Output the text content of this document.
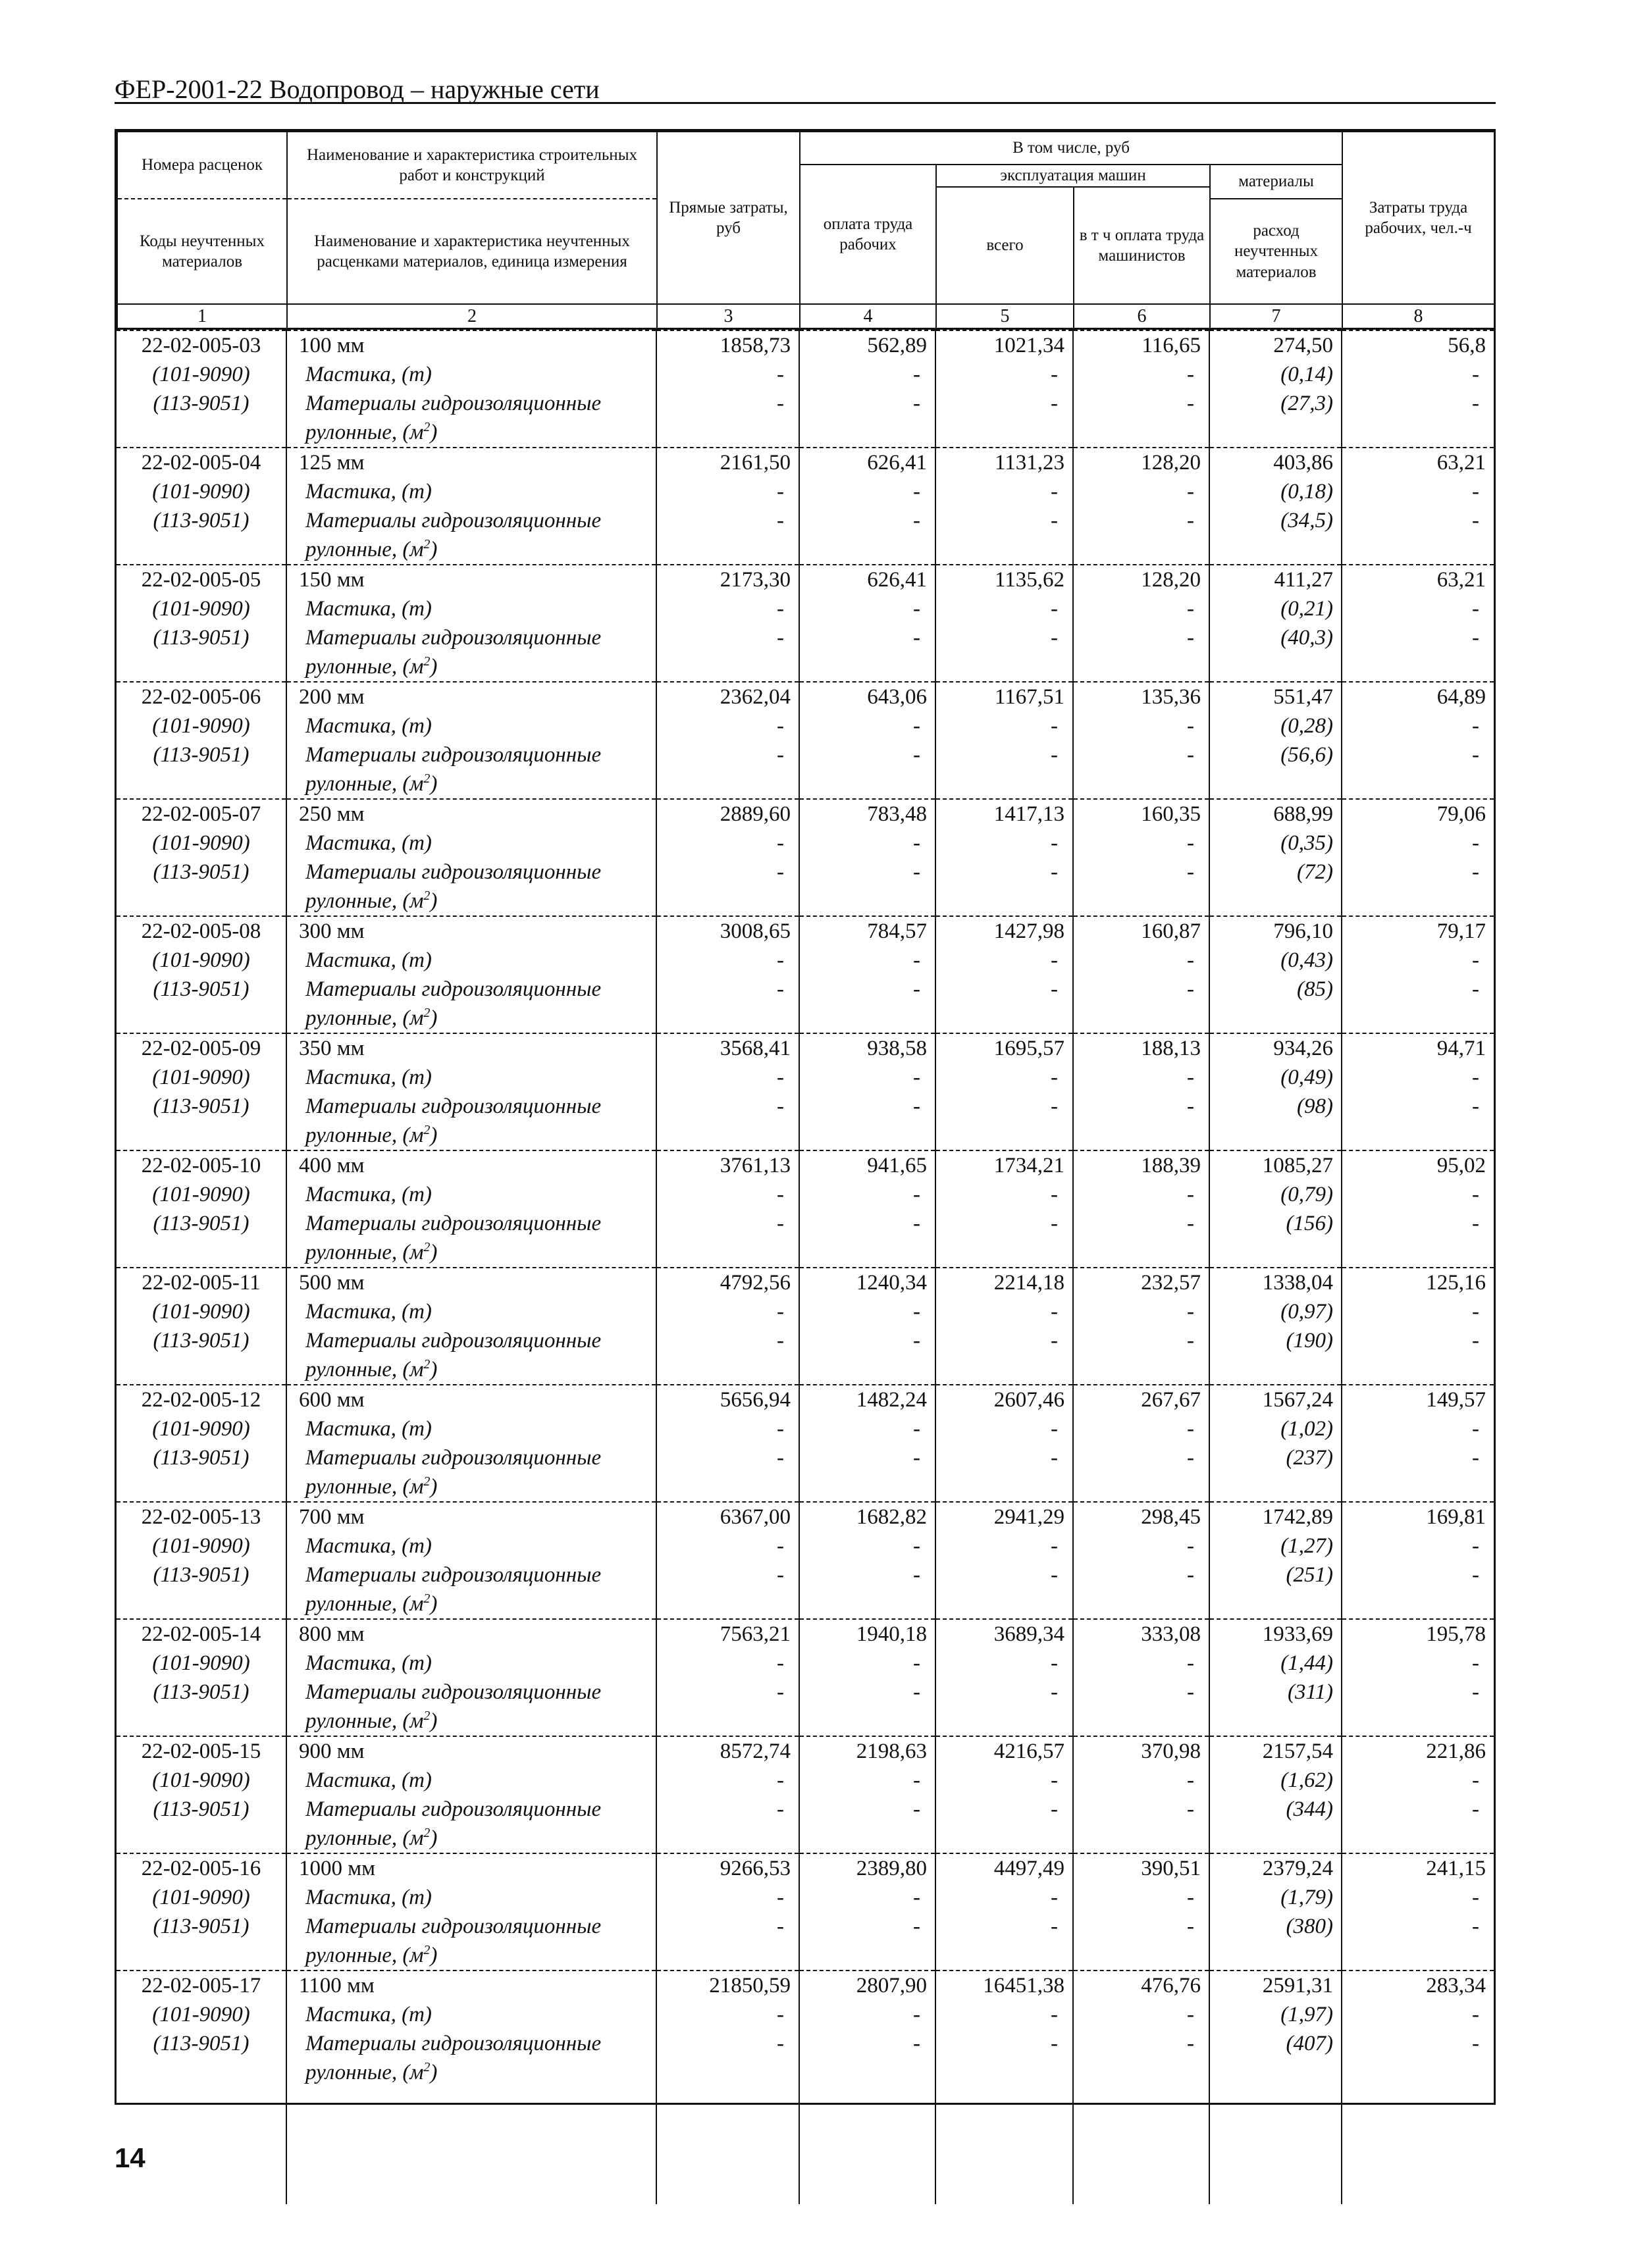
ФЕР-2001-22 Водопровод – наружные сети
Номера расценок	Наименование и характеристика строительных работ и конструкций	Прямые затраты, руб	В том числе, руб				Затраты труда рабочих, чел.-ч
			оплата труда рабочих	эксплуатация машин		материалы	
				всего	в т ч оплата труда машинистов		
Коды неучтенных материалов	Наименование и характеристика неучтенных расценками материалов, единица измерения					расход неучтенных материалов	

1	2	3	4	5	6	7	8
22-02-005-03	100 мм	1858,73	562,89	1021,34	116,65	274,50	56,8
(101-9090)	Мастика, (т)	-	-	-	-	(0,14)	-
(113-9051)	Материалы гидроизоляционные	-	-	-	-	(27,3)	-
	рулонные, $(м^2)$						
22-02-005-04	125 мм	2161,50	626,41	1131,23	128,20	403,86	63,21
(101-9090)	Мастика, (т)	-	-	-	-	(0,18)	-
(113-9051)	Материалы гидроизоляционные	-	-	-	-	(34,5)	-
	рулонные, $(м^2)$						
22-02-005-05	150 мм	2173,30	626,41	1135,62	128,20	411,27	63,21
(101-9090)	Мастика, (т)	-	-	-	-	(0,21)	-
(113-9051)	Материалы гидроизоляционные	-	-	-	-	(40,3)	-
	рулонные, $(м^2)$						
22-02-005-06	200 мм	2362,04	643,06	1167,51	135,36	551,47	64,89
(101-9090)	Мастика, (т)	-	-	-	-	(0,28)	-
(113-9051)	Материалы гидроизоляционные	-	-	-	-	(56,6)	-
	рулонные, $(м^2)$						
22-02-005-07	250 мм	2889,60	783,48	1417,13	160,35	688,99	79,06
(101-9090)	Мастика, (т)	-	-	-	-	(0,35)	-
(113-9051)	Материалы гидроизоляционные	-	-	-	-	(72)	-
	рулонные, $(м^2)$						
22-02-005-08	300 мм	3008,65	784,57	1427,98	160,87	796,10	79,17
(101-9090)	Мастика, (т)	-	-	-	-	(0,43)	-
(113-9051)	Материалы гидроизоляционные	-	-	-	-	(85)	-
	рулонные, $(м^2)$						
22-02-005-09	350 мм	3568,41	938,58	1695,57	188,13	934,26	94,71
(101-9090)	Мастика, (т)	-	-	-	-	(0,49)	-
(113-9051)	Материалы гидроизоляционные	-	-	-	-	(98)	-
	рулонные, $(м^2)$						
22-02-005-10	400 мм	3761,13	941,65	1734,21	188,39	1085,27	95,02
(101-9090)	Мастика, (т)	-	-	-	-	(0,79)	-
(113-9051)	Материалы гидроизоляционные	-	-	-	-	(156)	-
	рулонные, $(м^2)$						
22-02-005-11	500 мм	4792,56	1240,34	2214,18	232,57	1338,04	125,16
(101-9090)	Мастика, (т)	-	-	-	-	(0,97)	-
(113-9051)	Материалы гидроизоляционные	-	-	-	-	(190)	-
	рулонные, $(м^2)$						
22-02-005-12	600 мм	5656,94	1482,24	2607,46	267,67	1567,24	149,57
(101-9090)	Мастика, (т)	-	-	-	-	(1,02)	-
(113-9051)	Материалы гидроизоляционные	-	-	-	-	(237)	-
	рулонные, $(м^2)$						
22-02-005-13	700 мм	6367,00	1682,82	2941,29	298,45	1742,89	169,81
(101-9090)	Мастика, (т)	-	-	-	-	(1,27)	-
(113-9051)	Материалы гидроизоляционные	-	-	-	-	(251)	-
	рулонные, $(м^2)$						
22-02-005-14	800 мм	7563,21	1940,18	3689,34	333,08	1933,69	195,78
(101-9090)	Мастика, (т)	-	-	-	-	(1,44)	-
(113-9051)	Материалы гидроизоляционные	-	-	-	-	(311)	-
	рулонные, $(м^2)$						
22-02-005-15	900 мм	8572,74	2198,63	4216,57	370,98	2157,54	221,86
(101-9090)	Мастика, (т)	-	-	-	-	(1,62)	-
(113-9051)	Материалы гидроизоляционные	-	-	-	-	(344)	-
	рулонные, $(м^2)$						
22-02-005-16	1000 мм	9266,53	2389,80	4497,49	390,51	2379,24	241,15
(101-9090)	Мастика, (т)	-	-	-	-	(1,79)	-
(113-9051)	Материалы гидроизоляционные	-	-	-	-	(380)	-
	рулонные, $(м^2)$						
22-02-005-17	1100 мм	21850,59	2807,90	16451,38	476,76	2591,31	283,34
(101-9090)	Мастика, (т)	-	-	-	-	(1,97)	-
(113-9051)	Материалы гидроизоляционные	-	-	-	-	(407)	-
	рулонные, $(м^2)$						

14
